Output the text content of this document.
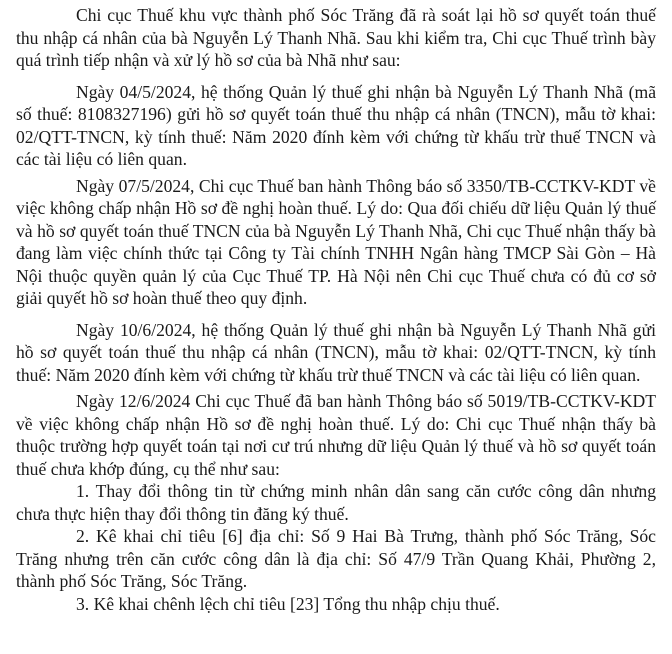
Chi cục Thuế khu vực thành phố Sóc Trăng đã rà soát lại hồ sơ quyết toán thuế thu nhập cá nhân của bà Nguyễn Lý Thanh Nhã. Sau khi kiểm tra, Chi cục Thuế trình bày quá trình tiếp nhận và xử lý hồ sơ của bà Nhã như sau:

Ngày 04/5/2024, hệ thống Quản lý thuế ghi nhận bà Nguyễn Lý Thanh Nhã (mã số thuế: 8108327196) gửi hồ sơ quyết toán thuế thu nhập cá nhân (TNCN), mẫu tờ khai: 02/QTT-TNCN, kỳ tính thuế: Năm 2020 đính kèm với chứng từ khấu trừ thuế TNCN và các tài liệu có liên quan.

Ngày 07/5/2024, Chi cục Thuế ban hành Thông báo số 3350/TB-CCTKV-KDT về việc không chấp nhận Hồ sơ đề nghị hoàn thuế. Lý do: Qua đối chiếu dữ liệu Quản lý thuế và hồ sơ quyết toán thuế TNCN của bà Nguyễn Lý Thanh Nhã, Chi cục Thuế nhận thấy bà đang làm việc chính thức tại Công ty Tài chính TNHH Ngân hàng TMCP Sài Gòn – Hà Nội thuộc quyền quản lý của Cục Thuế TP. Hà Nội nên Chi cục Thuế chưa có đủ cơ sở giải quyết hồ sơ hoàn thuế theo quy định.

Ngày 10/6/2024, hệ thống Quản lý thuế ghi nhận bà Nguyễn Lý Thanh Nhã gửi hồ sơ quyết toán thuế thu nhập cá nhân (TNCN), mẫu tờ khai: 02/QTT-TNCN, kỳ tính thuế: Năm 2020 đính kèm với chứng từ khấu trừ thuế TNCN và các tài liệu có liên quan.

Ngày 12/6/2024 Chi cục Thuế đã ban hành Thông báo số 5019/TB-CCTKV-KDT về việc không chấp nhận Hồ sơ đề nghị hoàn thuế. Lý do: Chi cục Thuế nhận thấy bà thuộc trường hợp quyết toán tại nơi cư trú nhưng dữ liệu Quản lý thuế và hồ sơ quyết toán thuế chưa khớp đúng, cụ thể như sau:

1. Thay đổi thông tin từ chứng minh nhân dân sang căn cước công dân nhưng chưa thực hiện thay đổi thông tin đăng ký thuế.

2. Kê khai chỉ tiêu [6] địa chỉ: Số 9 Hai Bà Trưng, thành phố Sóc Trăng, Sóc Trăng nhưng trên căn cước công dân là địa chỉ: Số 47/9 Trần Quang Khải, Phường 2, thành phố Sóc Trăng, Sóc Trăng.

3. Kê khai chênh lệch chỉ tiêu [23] Tổng thu nhập chịu thuế.
